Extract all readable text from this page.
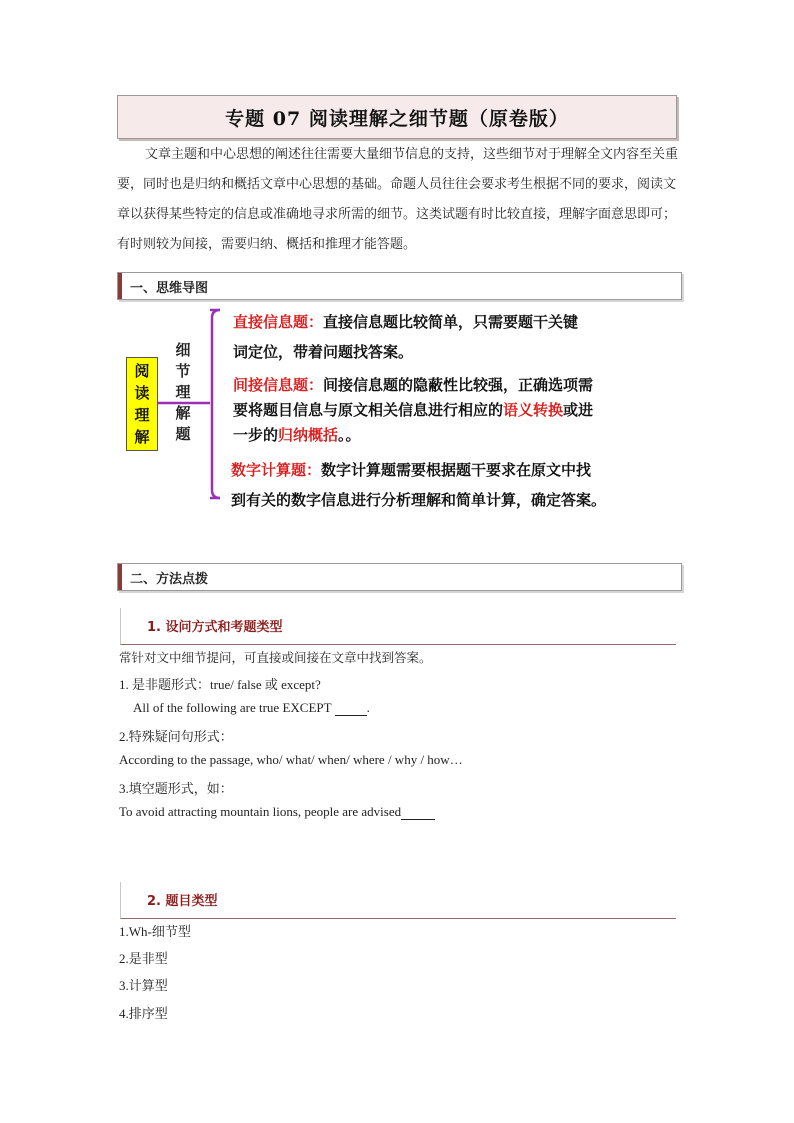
专题 07 阅读理解之细节题（原卷版）
文章主题和中心思想的阐述往往需要大量细节信息的支持，这些细节对于理解全文内容至关重要，同时也是归纳和概括文章中心思想的基础。命题人员往往会要求考生根据不同的要求，阅读文章以获得某些特定的信息或准确地寻求所需的细节。这类试题有时比较直接，理解字面意思即可；有时则较为间接，需要归纳、概括和推理才能答题。
一、思维导图
阅
读
理
解
细
节
理
解
题
直接信息题：直接信息题比较简单，只需要题干关键
词定位，带着问题找答案。
间接信息题：间接信息题的隐蔽性比较强，正确选项需
要将题目信息与原文相关信息进行相应的语义转换或进
一步的归纳概括。。
数字计算题：数字计算题需要根据题干要求在原文中找
到有关的数字信息进行分析理解和简单计算，确定答案。
二、方法点拨
1. 设问方式和考题类型
常针对文中细节提问，可直接或间接在文章中找到答案。
1. 是非题形式：true/ false 或 except?
All of the following are true EXCEPT	.
2.特殊疑问句形式：
According to the passage, who/ what/ when/ where / why / how…
3.填空题形式，如：
To avoid attracting mountain lions, people are advised
2. 题目类型
1.Wh-细节型
2.是非型
3.计算型
4.排序型
